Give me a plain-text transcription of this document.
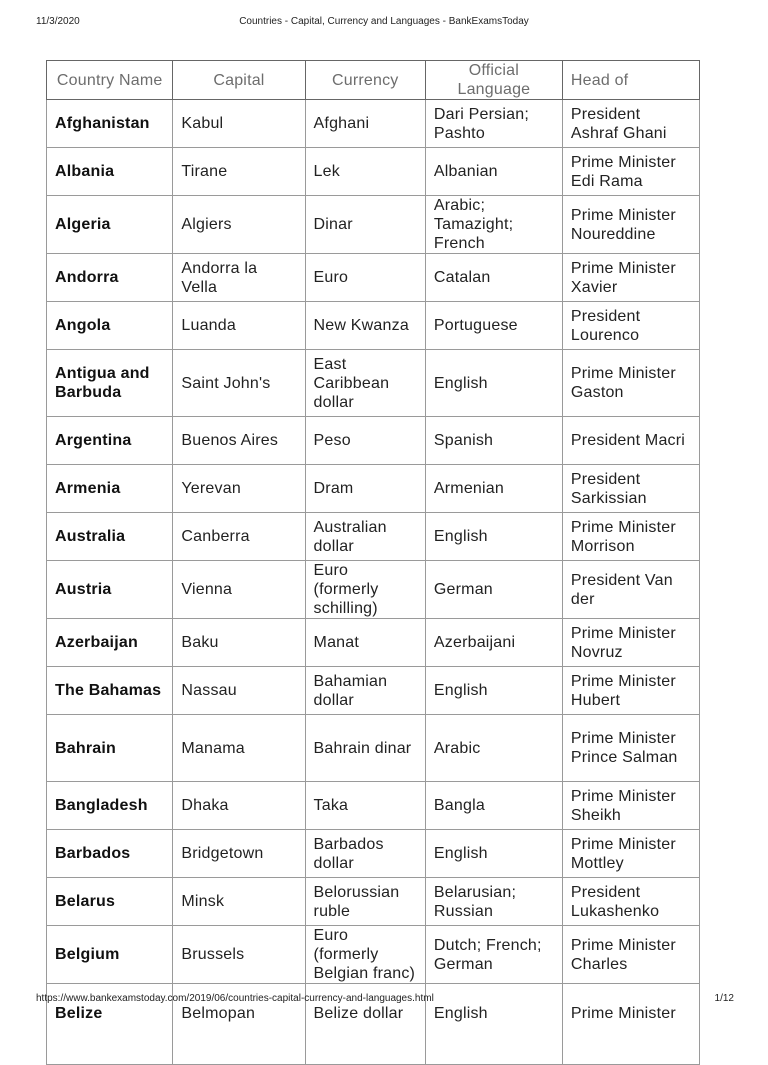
11/3/2020	Countries - Capital, Currency and Languages - BankExamsToday
Country Name	Capital	Currency	Official Language	Head of
Afghanistan	Kabul	Afghani	Dari Persian; Pashto	President Ashraf Ghani
Albania	Tirane	Lek	Albanian	Prime Minister Edi Rama
Algeria	Algiers	Dinar	Arabic; Tamazight; French	Prime Minister Noureddine
Andorra	Andorra la Vella	Euro	Catalan	Prime Minister Xavier
Angola	Luanda	New Kwanza	Portuguese	President Lourenco
Antigua and Barbuda	Saint John's	East Caribbean dollar	English	Prime Minister Gaston
Argentina	Buenos Aires	Peso	Spanish	President Macri
Armenia	Yerevan	Dram	Armenian	President Sarkissian
Australia	Canberra	Australian dollar	English	Prime Minister Morrison
Austria	Vienna	Euro (formerly schilling)	German	President Van der
Azerbaijan	Baku	Manat	Azerbaijani	Prime Minister Novruz
The Bahamas	Nassau	Bahamian dollar	English	Prime Minister Hubert
Bahrain	Manama	Bahrain dinar	Arabic	Prime Minister Prince Salman
Bangladesh	Dhaka	Taka	Bangla	Prime Minister Sheikh
Barbados	Bridgetown	Barbados dollar	English	Prime Minister Mottley
Belarus	Minsk	Belorussian ruble	Belarusian; Russian	President Lukashenko
Belgium	Brussels	Euro (formerly Belgian franc)	Dutch; French; German	Prime Minister Charles
Belize	Belmopan	Belize dollar	English	Prime Minister
https://www.bankexamstoday.com/2019/06/countries-capital-currency-and-languages.html	1/12
